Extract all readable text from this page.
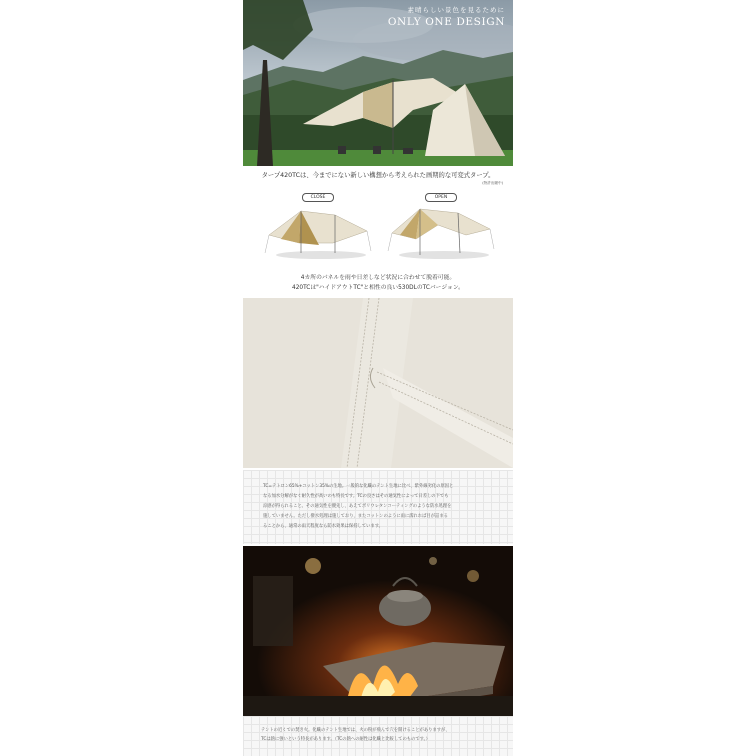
素晴らしい景色を見るために
ONLY ONE DESIGN
タープ420TCは、今までにない新しい構想から考えられた画期的な可変式タープ。
(特許出願中)
CLOSE	OPEN
4カ所のパネルを雨や日差しなど状況に合わせて脱着可能。
420TCは"ハイドアウトTC"と相性の良い530DLのTCバージョン。
TC=テトロン65%+コットン35%の生地。一般的な化繊のテント生地に比べ、紫外線劣化の原因と
なる加水分解がなく耐久性が高いのも特長です。TCの良さはその通気性によって日差しの下でも
涼感が得られること。その通気性を優先し、あえてポリウレタンコーティングのような防水処理を
施していません。ただし撥水処理は施しており、またコットンのように雨に濡れれば目が詰まる
ることから、通常の雨天程度なら防水効果は保持しています。
テントの近くでの焚き火。化繊のテント生地では、火の粉が飛んで穴を開けることがありますが、
TCは熱に強いという特長があります。（TCの熱への耐性は化繊と比較してのものです。）
